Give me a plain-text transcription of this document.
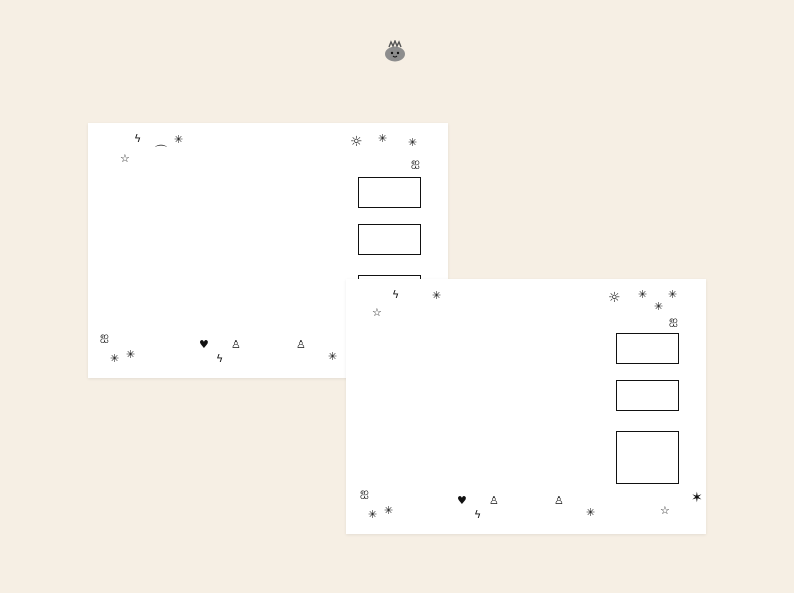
ϟ	✳
☆
⌒
☼ ✳ ✳
ஐ
ஐ
✳ ✳
♥
ϟ
♙	♙
✳
ϟ	✳
☆
☼ ✳
✳
✳
ஐ
ஐ
✳ ✳
♥
ϟ
♙	♙
✳	☆
✶
